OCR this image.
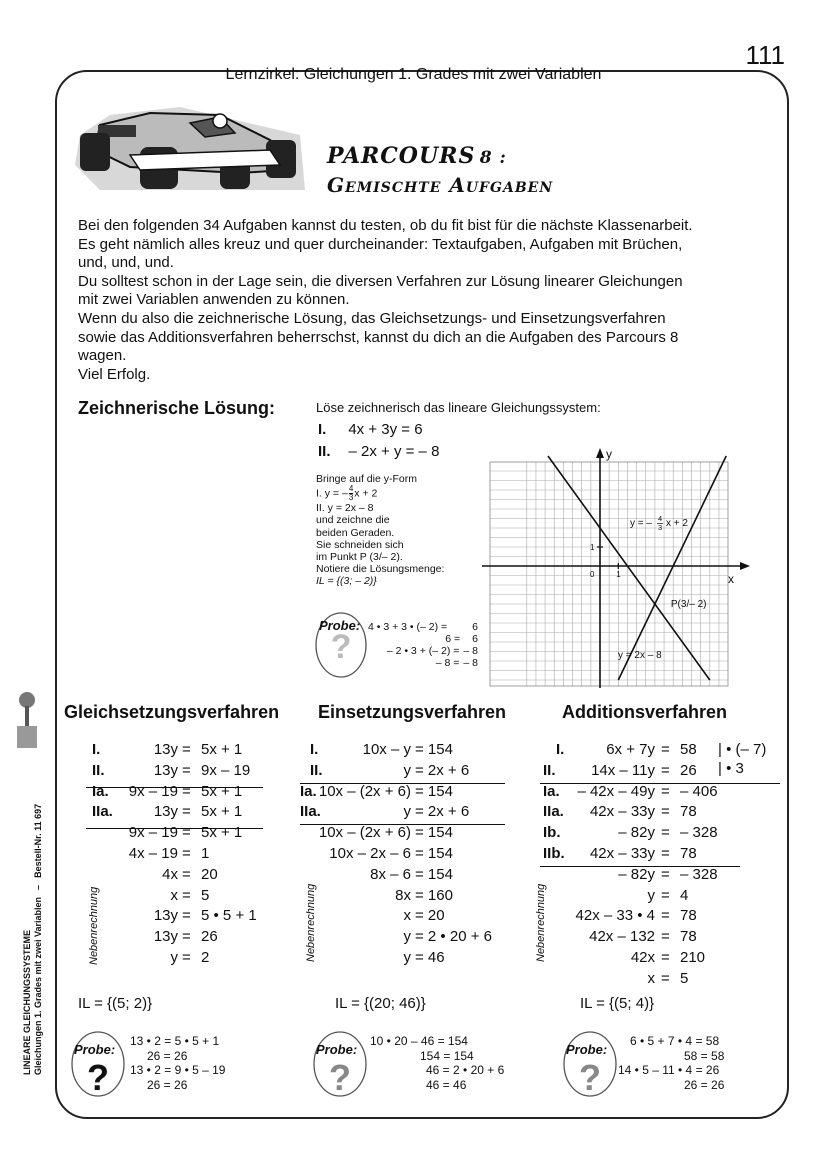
111
Lernzirkel: Gleichungen 1. Grades mit zwei Variablen
PARCOURS 8 :
Gemischte Aufgaben
Bei den folgenden 34 Aufgaben kannst du testen, ob du fit bist für die nächste Klassenarbeit.
Es geht nämlich alles kreuz und quer durcheinander: Textaufgaben, Aufgaben mit Brüchen,
und, und, und.
Du solltest schon in der Lage sein, die diversen Verfahren zur Lösung linearer Gleichungen
mit zwei Variablen anwenden zu können.
Wenn du also die zeichnerische Lösung, das Gleichsetzungs- und Einsetzungsverfahren
sowie das Additionsverfahren beherrschst, kannst du dich an die Aufgaben des Parcours 8
wagen.
Viel Erfolg.
Zeichnerische Lösung:	Löse zeichnerisch das lineare Gleichungssystem:
I. 4x + 3y = 6
II. – 2x + y = – 8
Bringe auf die y-Form
I. y = – $\frac{4}{3}$ x + 2
II. y = 2x – 8
und zeichne die
beiden Geraden.
Sie schneiden sich
im Punkt P (3/– 2).
Notiere die Lösungsmenge:
IL = {(3; – 2)}
?
Probe: 4 • 3 + 3 • (– 2) = 6
6 = 6
– 2 • 3 + (– 2) = – 8
– 8 = – 8
x
y
0	1
1
y = – 4
3 x + 2
y = 2x – 8
P(3/– 2)
Gleichsetzungsverfahren Einsetzungsverfahren	Additionsverfahren
I.	13y = 5x + 1
II.	13y = 9x – 19
Ia.	9x – 19 = 5x + 1
IIa.	13y = 5x + 1
9x – 19 = 5x + 1
4x – 19 = 1
4x = 20
x = 5
13y = 5 • 5 + 1
13y = 26
y = 2
Nebenrechnung
IL = {(5; 2)}
I.	10x – y= 154
II.	y= 2x + 6
Ia. 10x – (2x + 6)= 154
IIa.	y= 2x + 6
10x – (2x + 6)= 154
10x – 2x – 6= 154
8x – 6= 154
8x= 160
x= 20
y= 2 • 20 + 6
y= 46
Nebenrechnung
IL = {(20; 46)}
I.	6x + 7y = 58 | • (– 7)
II.	14x – 11y = 26 | • 3
Ia.	– 42x – 49y = – 406
IIa.	42x – 33y = 78
Ib.	– 82y = – 328
IIb.	42x – 33y = 78
– 82y = – 328
y = 4
42x – 33 • 4 = 78
42x – 132 = 78
42x = 210
x = 5
Nebenrechnung
IL = {(5; 4)}
?
Probe:
13 • 2 = 5 • 5 + 1
26 = 26
13 • 2 = 9 • 5 – 19
26 = 26	?
Probe:
10 • 20 – 46 = 154
154 = 154
46 = 2 • 20 + 6
46 = 46	?
Probe:
6 • 5 + 7 • 4 = 58
58 = 58
14 • 5 – 11 • 4 = 26
26 = 26
LINEARE GLEICHUNGSSYSTEME
Gleichungen 1. Grades mit zwei Variablen – Bestell-Nr. 11 697
